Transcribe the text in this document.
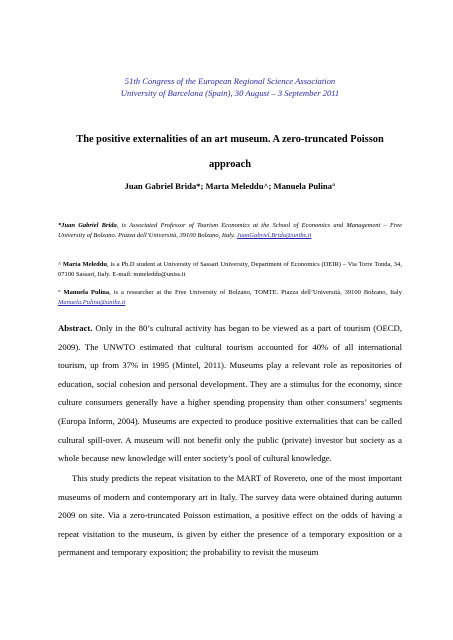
51th Congress of the European Regional Science Association
University of Barcelona (Spain), 30 August – 3 September 2011
The positive externalities of an art museum. A zero-truncated Poisson
approach
Juan Gabriel Brida*; Marta Meleddu^; Manuela Pulina°
*Juan Gabriel Brida, is Associated Professor of Tourism Economics at the School of Economics and Management – Free University of Bolzano. Piazza dell’Università, 39100 Bolzano, Italy. JuanGabriel.Brida@unibz.it
^ Marta Meleddu, is a Ph.D student at University of Sassari University, Department of Economics (DEIR) – Via Torre Tonda, 34, 07100 Sassari, Italy. E-mail: mmeleddu@uniss.it
° Manuela Pulina, is a researcher at the Free University of Bolzano, TOMTE. Piazza dell’Università, 39100 Bolzano, Italy Manuela.Pulina@unibz.it
Abstract. Only in the 80’s cultural activity has began to be viewed as a part of tourism (OECD, 2009). The UNWTO estimated that cultural tourism accounted for 40% of all international tourism, up from 37% in 1995 (Mintel, 2011). Museums play a relevant role as repositories of education, social cohesion and personal development. They are a stimulus for the economy, since culture consumers generally have a higher spending propensity than other consumers’ segments (Europa Inform, 2004). Museums are expected to produce positive externalities that can be called cultural spill-over. A museum will not benefit only the public (private) investor but society as a whole because new knowledge will enter society’s pool of cultural knowledge.
This study predicts the repeat visitation to the MART of Rovereto, one of the most important museums of modern and contemporary art in Italy. The survey data were obtained during autumn 2009 on site. Via a zero-truncated Poisson estimation, a positive effect on the odds of having a repeat visitation to the museum, is given by either the presence of a temporary exposition or a permanent and temporary exposition; the probability to revisit the museum
